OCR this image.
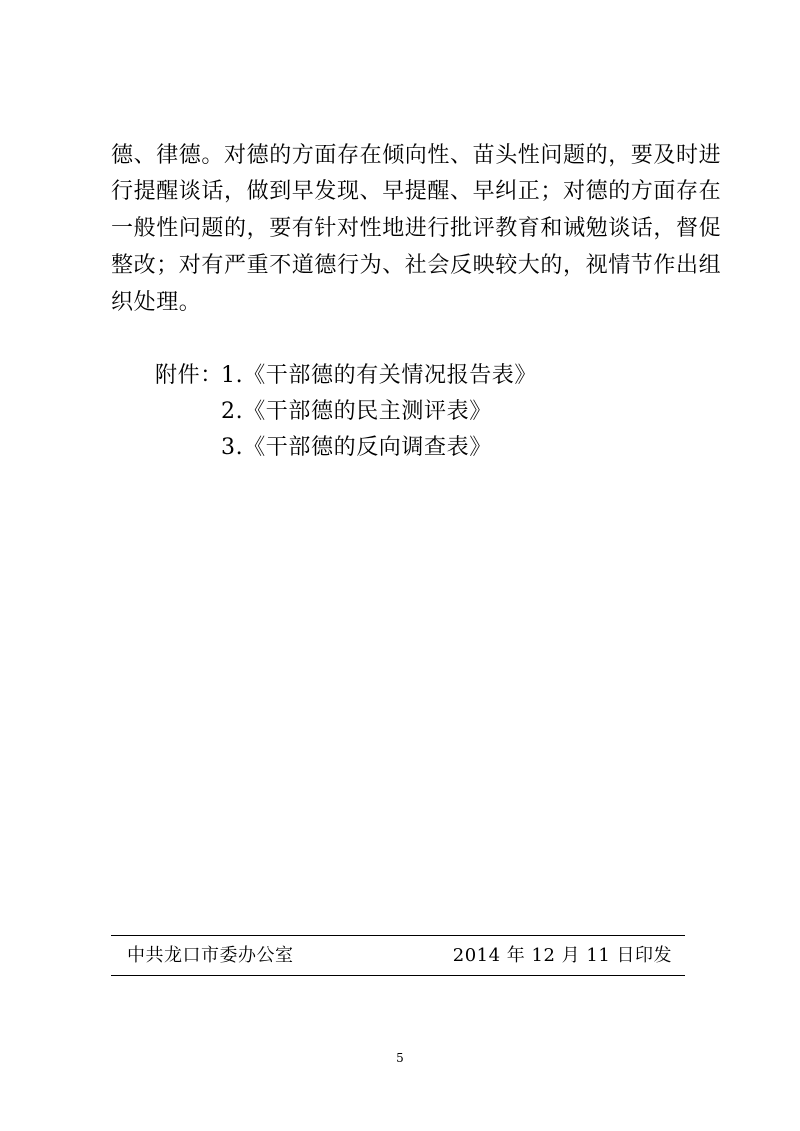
德、律德。对德的方面存在倾向性、苗头性问题的，要及时进
行提醒谈话，做到早发现、早提醒、早纠正；对德的方面存在
一般性问题的，要有针对性地进行批评教育和诫勉谈话，督促
整改；对有严重不道德行为、社会反映较大的，视情节作出组
织处理。
附件：
1.《干部德的有关情况报告表》
2.《干部德的民主测评表》
3.《干部德的反向调查表》
中共龙口市委办公室	2014 年 12 月 11 日印发
5
